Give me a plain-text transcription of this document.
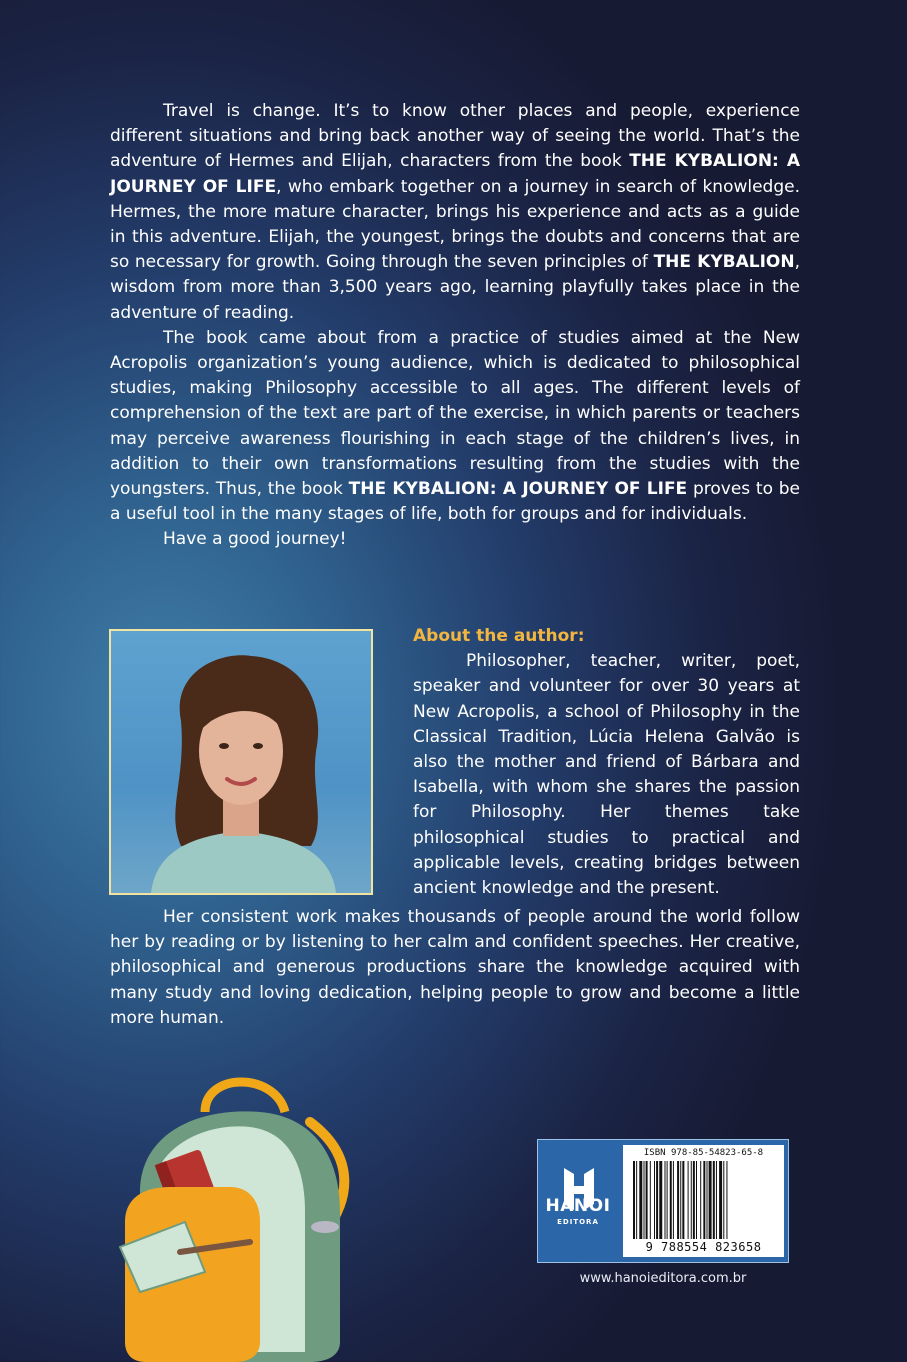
Travel is change. It’s to know other places and people, experience different situations and bring back another way of seeing the world. That’s the adventure of Hermes and Elijah, characters from the book THE KYBALION: A JOURNEY OF LIFE, who embark together on a journey in search of knowledge. Hermes, the more mature character, brings his experience and acts as a guide in this adventure. Elijah, the youngest, brings the doubts and concerns that are so necessary for growth. Going through the seven principles of THE KYBALION, wisdom from more than 3,500 years ago, learning playfully takes place in the adventure of reading.

The book came about from a practice of studies aimed at the New Acropolis organization’s young audience, which is dedicated to philosophical studies, making Philosophy accessible to all ages. The different levels of comprehension of the text are part of the exercise, in which parents or teachers may perceive awareness flourishing in each stage of the children’s lives, in addition to their own transformations resulting from the studies with the youngsters. Thus, the book THE KYBALION: A JOURNEY OF LIFE proves to be a useful tool in the many stages of life, both for groups and for individuals.

Have a good journey!

About the author:

Philosopher, teacher, writer, poet, speaker and volunteer for over 30 years at New Acropolis, a school of Philosophy in the Classical Tradition, Lúcia Helena Galvão is also the mother and friend of Bárbara and Isabella, with whom she shares the passion for Philosophy. Her themes take philosophical studies to practical and applicable levels, creating bridges between ancient knowledge and the present.

Her consistent work makes thousands of people around the world follow her by reading or by listening to her calm and confident speeches. Her creative, philosophical and generous productions share the knowledge acquired with many study and loving dedication, helping people to grow and become a little more human.

HANOI
EDITORA
ISBN 978-85-54823-65-8
9 788554 823658
www.hanoieditora.com.br
